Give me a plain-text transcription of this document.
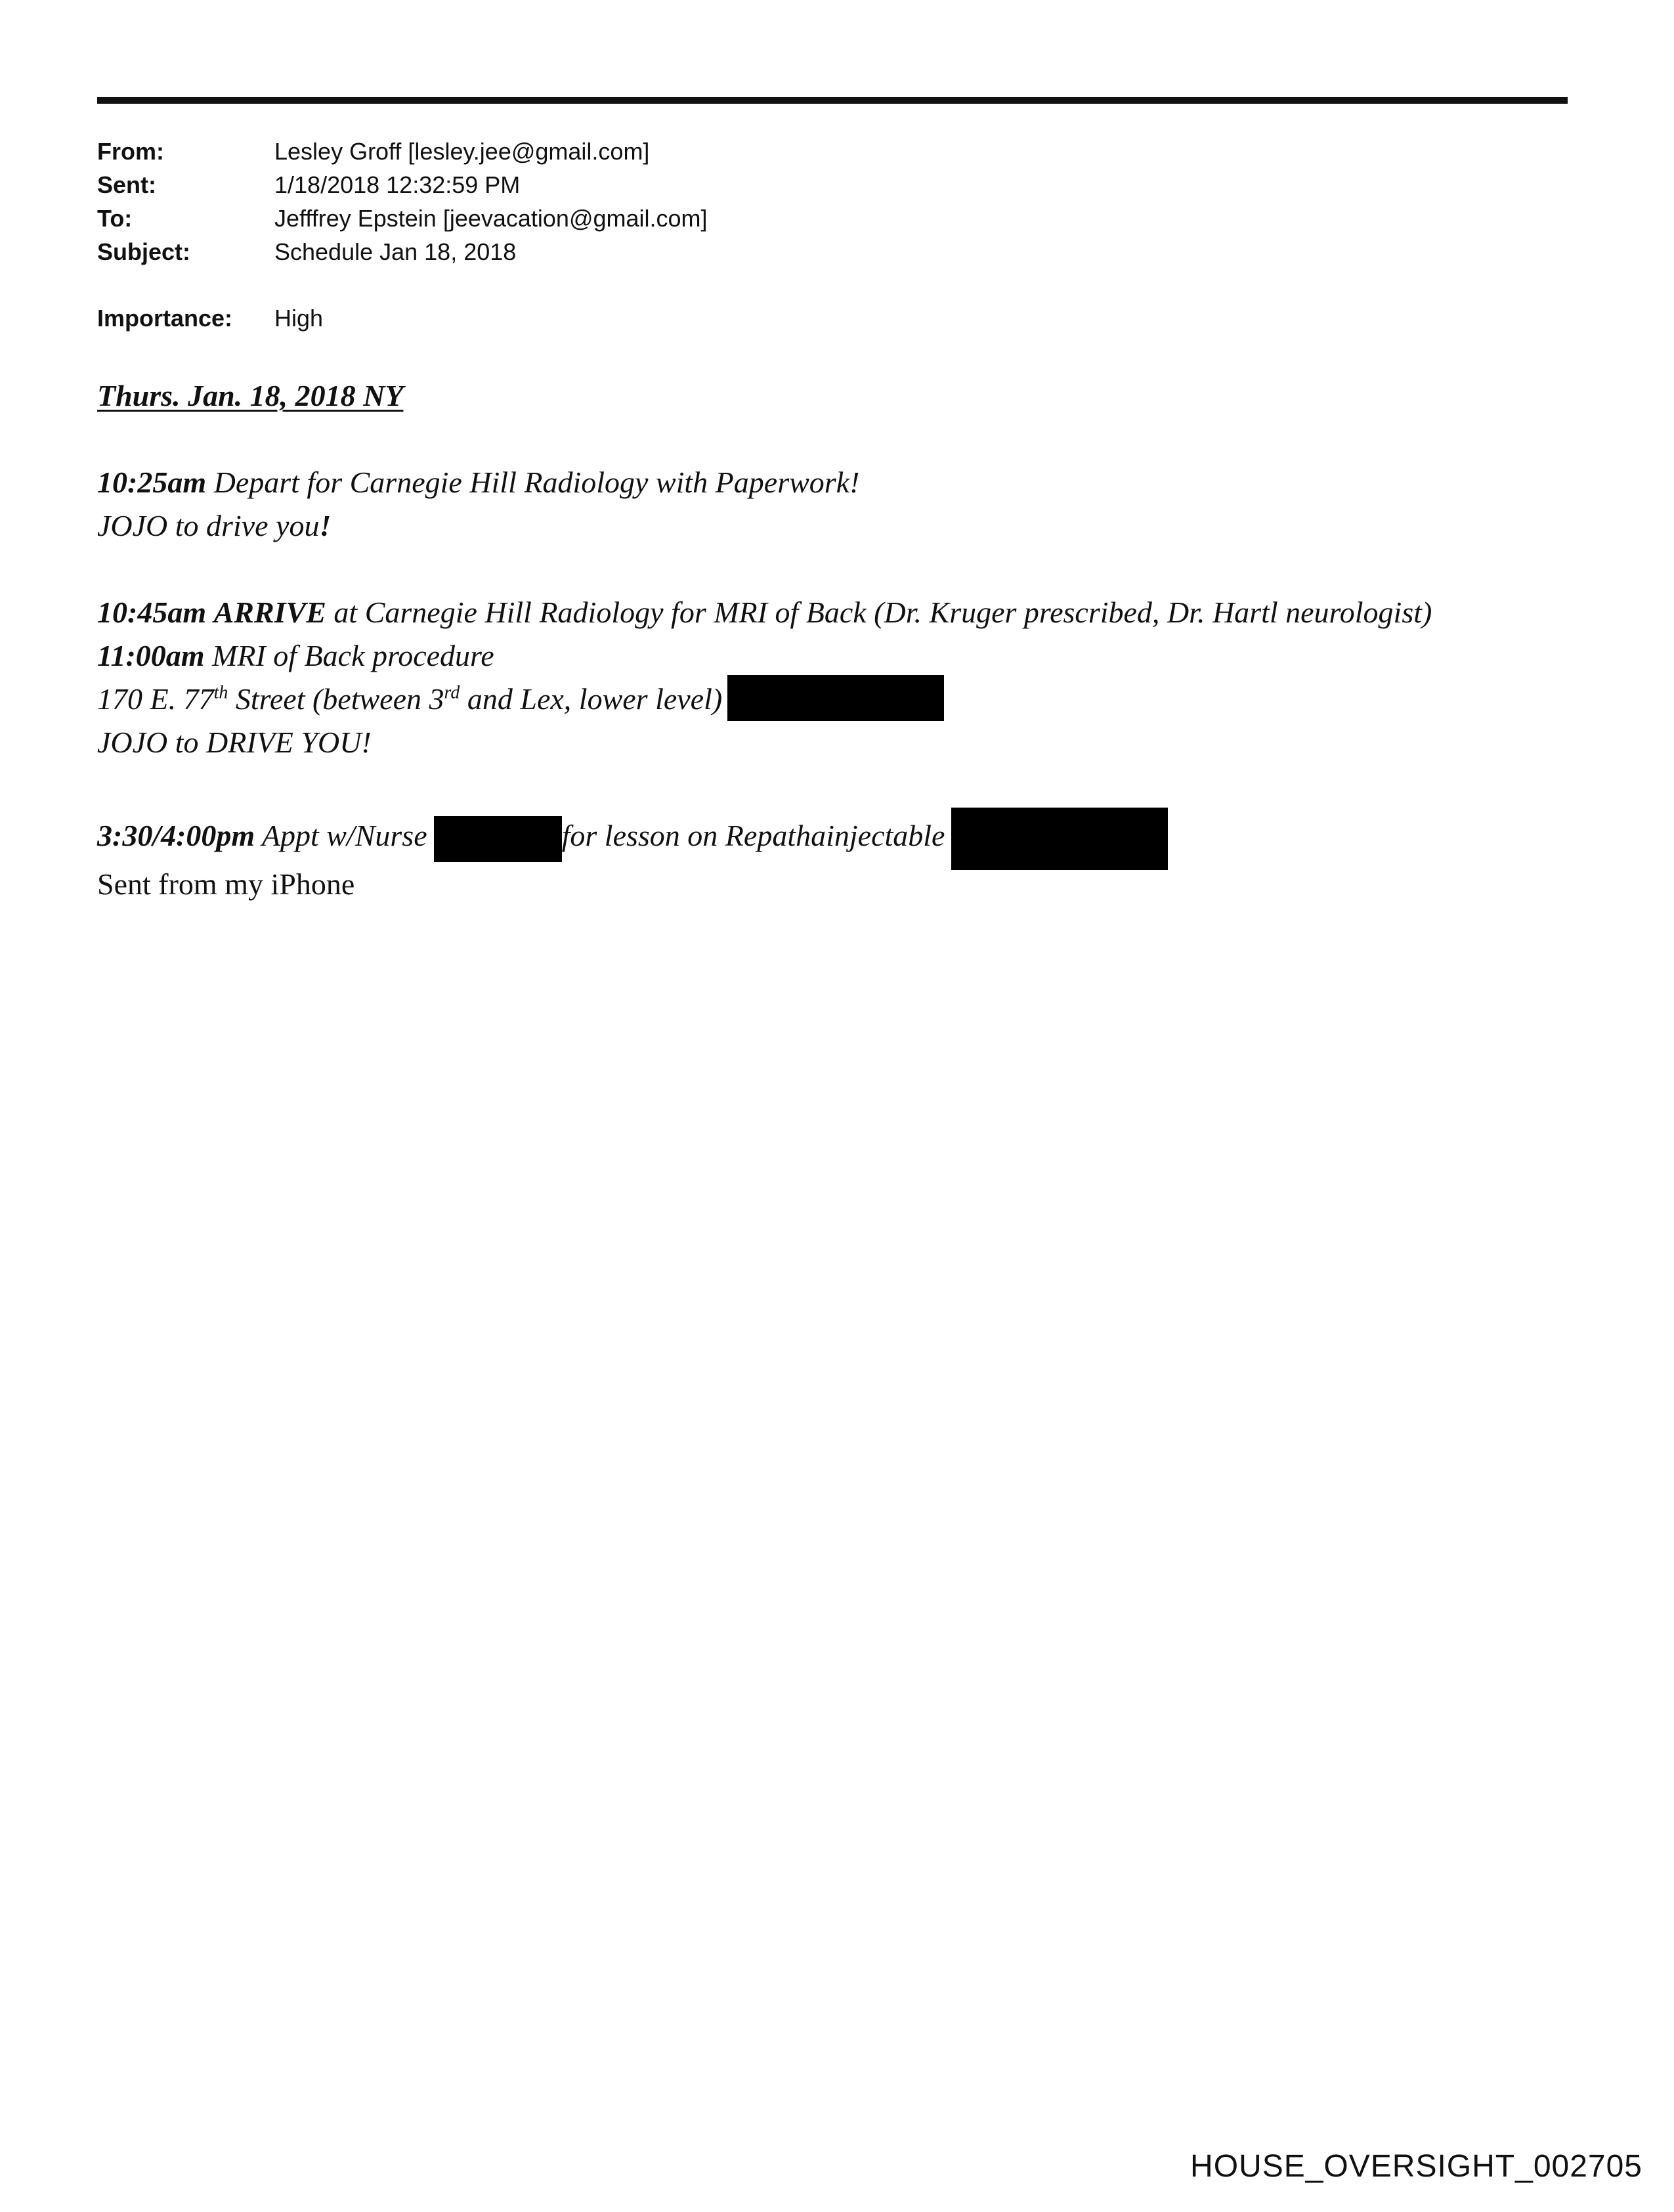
From:	Lesley Groff [lesley.jee@gmail.com]
Sent:	1/18/2018 12:32:59 PM
To:	Jefffrey Epstein [jeevacation@gmail.com]
Subject:	Schedule Jan 18, 2018
Importance: High
Thurs. Jan. 18, 2018 NY
10:25am Depart for Carnegie Hill Radiology with Paperwork!
JOJO to drive you!
10:45am ARRIVE at Carnegie Hill Radiology for MRI of Back (Dr. Kruger prescribed, Dr. Hartl neurologist)
11:00am MRI of Back procedure
170 E. 77th Street (between 3rd and Lex, lower level)
JOJO to DRIVE YOU!
3:30/4:00pm Appt w/Nurse	for lesson on Repathainjectable
Sent from my iPhone
HOUSE_OVERSIGHT_002705
